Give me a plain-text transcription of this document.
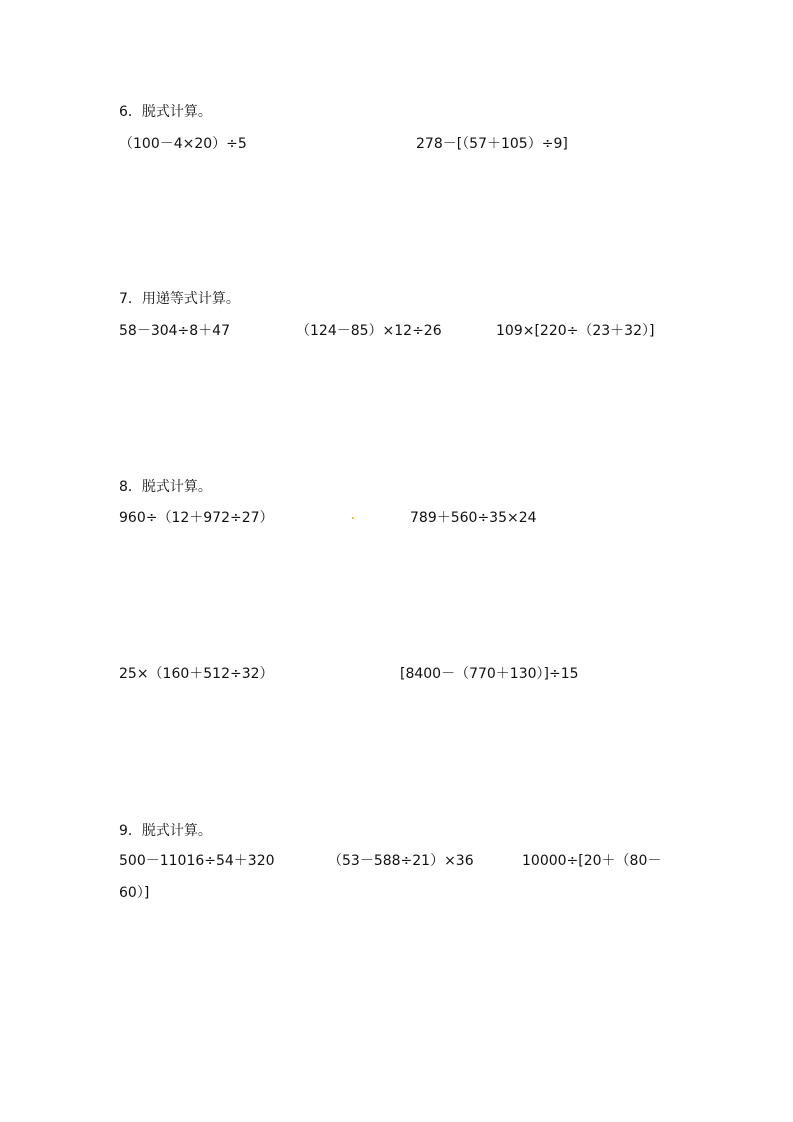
6．脱式计算。
（100－4×20）÷5	278－[（57＋105）÷9]
7．用递等式计算。
58－304÷8＋47	（124－85）×12÷26	109×[220÷（23＋32）]
8．脱式计算。
960÷（12＋972÷27）	789＋560÷35×24
25×（160＋512÷32）	[8400－（770＋130）]÷15
9．脱式计算。
500－11016÷54＋320	（53－588÷21）×36	10000÷[20＋（80－
60）]
